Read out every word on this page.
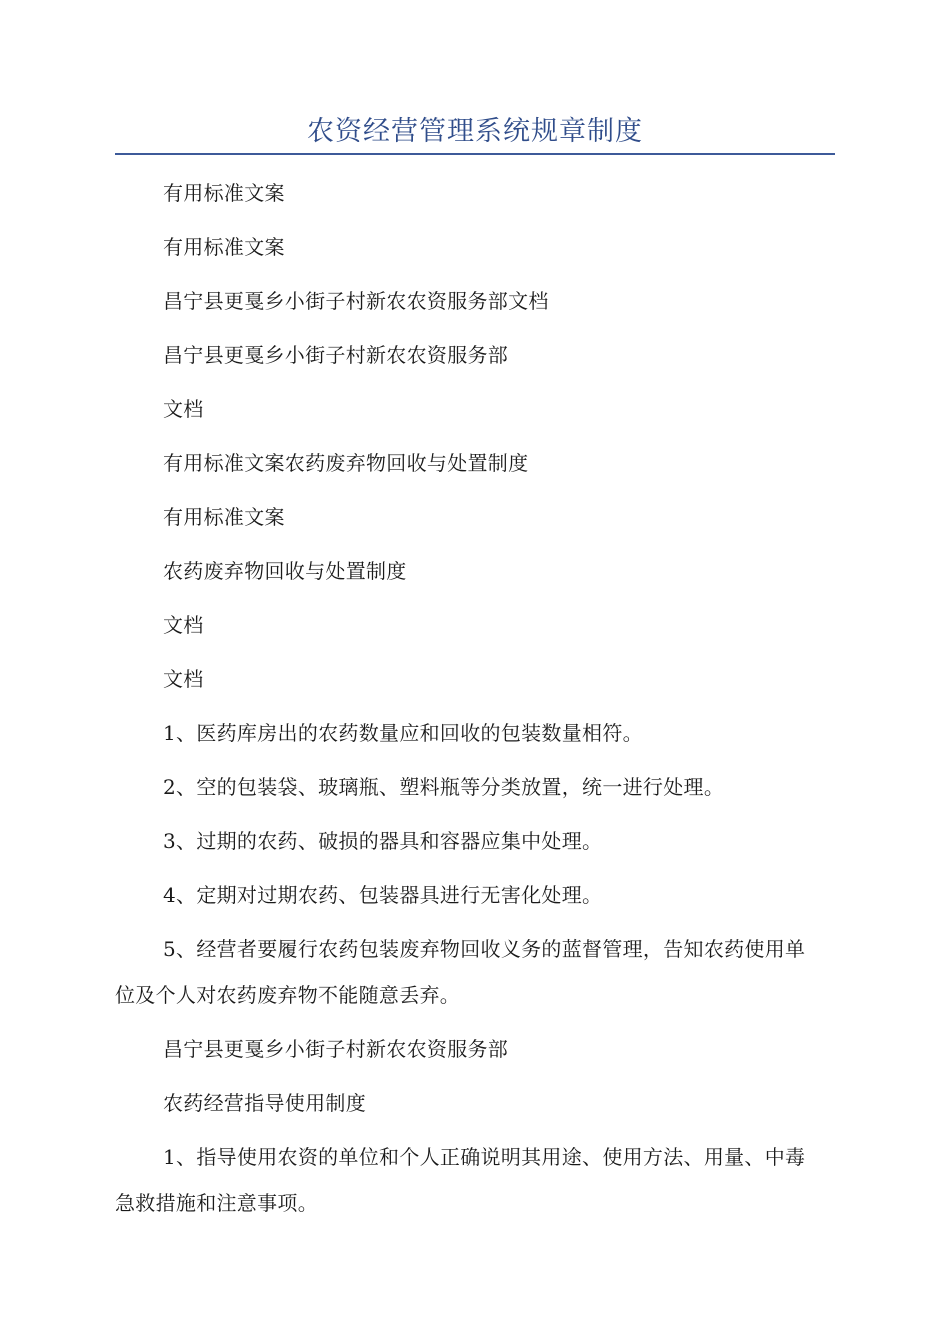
农资经营管理系统规章制度

有用标准文案

有用标准文案

昌宁县更戛乡小街子村新农农资服务部文档

昌宁县更戛乡小街子村新农农资服务部

文档

有用标准文案农药废弃物回收与处置制度

有用标准文案

农药废弃物回收与处置制度

文档

文档

1、医药库房出的农药数量应和回收的包装数量相符。

2、空的包装袋、玻璃瓶、塑料瓶等分类放置，统一进行处理。

3、过期的农药、破损的器具和容器应集中处理。

4、定期对过期农药、包装器具进行无害化处理。

5、经营者要履行农药包装废弃物回收义务的蓝督管理，告知农药使用单位及个人对农药废弃物不能随意丢弃。

昌宁县更戛乡小街子村新农农资服务部

农药经营指导使用制度

1、指导使用农资的单位和个人正确说明其用途、使用方法、用量、中毒急救措施和注意事项。
